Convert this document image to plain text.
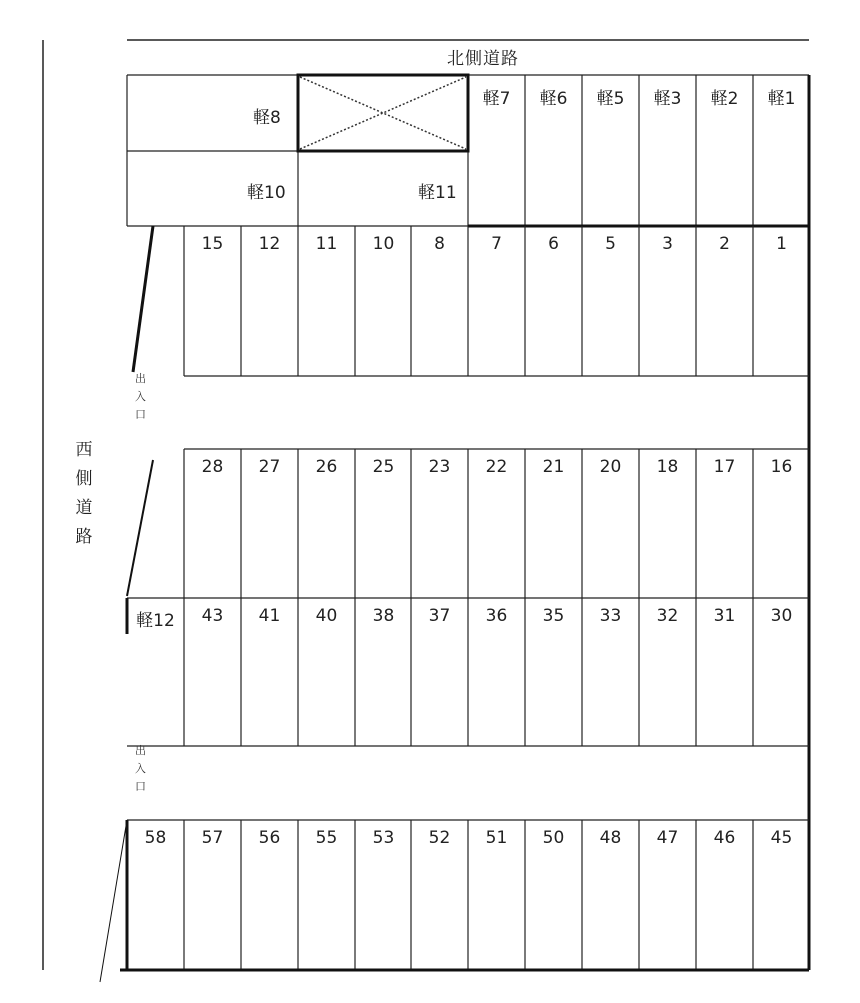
北側道路
西
側
道
路
出
入
口
出
入
口
軽8
軽10	軽11
軽7	軽6	軽5	軽3	軽2	軽1
15	12	11	10	8	7	6	5	3	2	1
28	27	26	25	23	22	21	20	18	17	16
軽12	43	41	40	38	37	36	35	33	32	31	30
58	57	56	55	53	52	51	50	48	47	46	45
